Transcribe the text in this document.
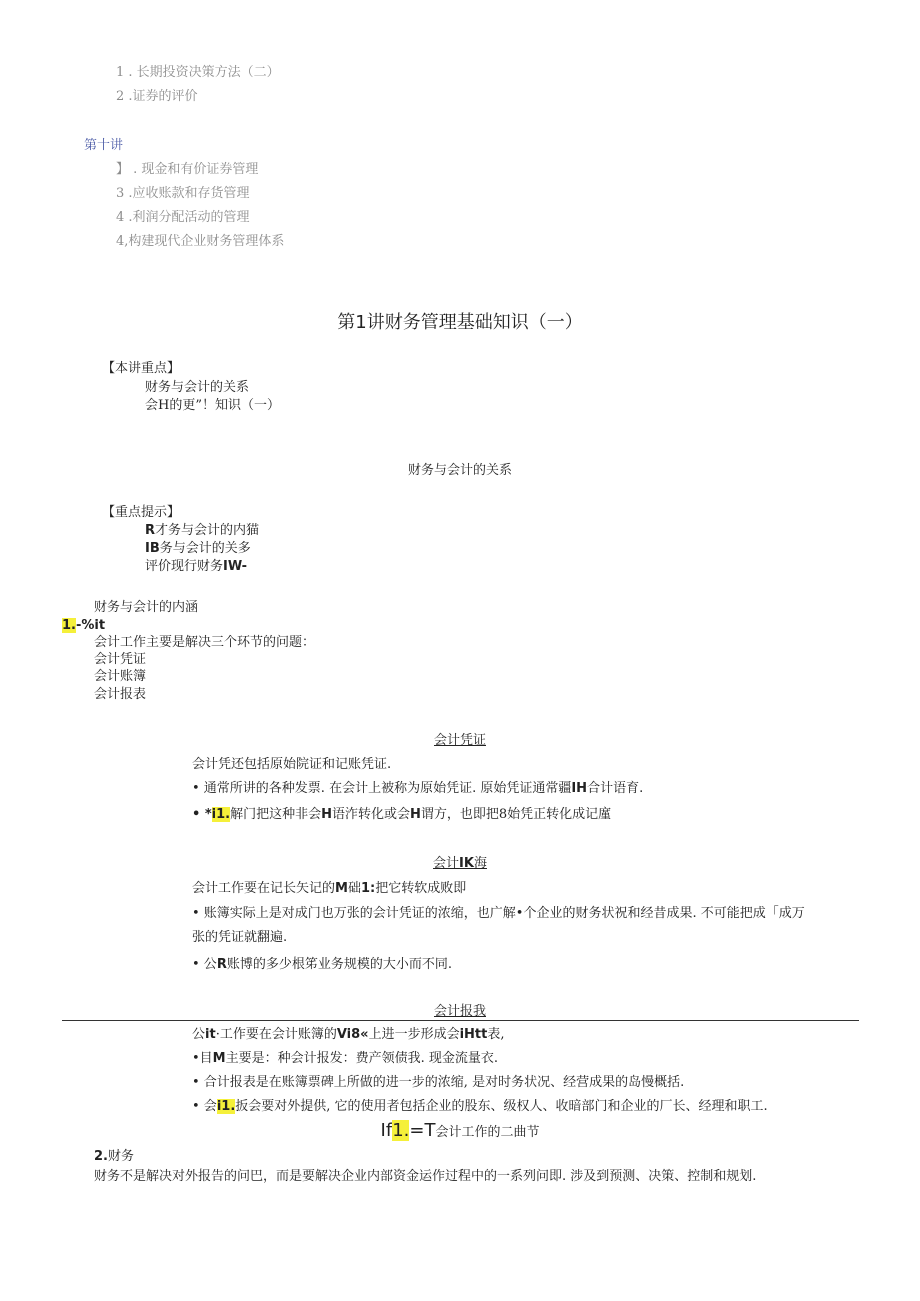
1 . 长期投资决策方法（二）
2 .证券的评价
第十讲
】 . 现金和有价证券管理
3 .应收账款和存货管理
4 .利润分配活动的管理
4,构建现代企业财务管理体系
第1讲财务管理基础知识（一）
【本讲重点】
财务与会计的关系
会H的更”！知识（一）
财务与会计的关系
【重点提示】
R才务与会计的内猫
IB务与会计的关多
评价现行财务IW-
财务与会计的内涵
1.-%it
会计工作主要是解决三个环节的问题：
会计凭证
会计账簿
会计报表
会计凭证
会计凭还包括原始院证和记账凭证.
• 通常所讲的各种发票. 在会计上被称为原始凭证. 原始凭证通常疆IH合计语育.
• *i1.解门把这种非会H语泎转化或会H谓方，也即把8始凭正转化成记廑
会计IK海
会计工作要在记长矢记的M础1:把它转软成败即
• 账簿实际上是对成门也万张的会计凭证的浓缩，也广解•个企业的财务状祝和经昔成果. 不可能把成「成万
张的凭证就翻遍.
• 公R账博的多少根笫业务规模的大小而不同.
会计报我
公it·工作要在会计账簿的Vi8«上进一步形成会iHtt表,
•目M主要是：种会计报发：费产领债我. 现金流量衣.
• 合计报表是在账簿票碑上所做的进一步的浓缩, 是对时务状况、经营成果的岛慢概括.
• 会i1.扳会要对外提供, 它的使用者包括企业的股东、级权人、收暗部门和企业的厂长、经理和职工.
If1.=T会计工作的二曲节
2.财务
财务不是解决对外报告的问巴，而是要解决企业内部资金运作过程中的一系列问即. 涉及到预测、决策、控制和规划.
